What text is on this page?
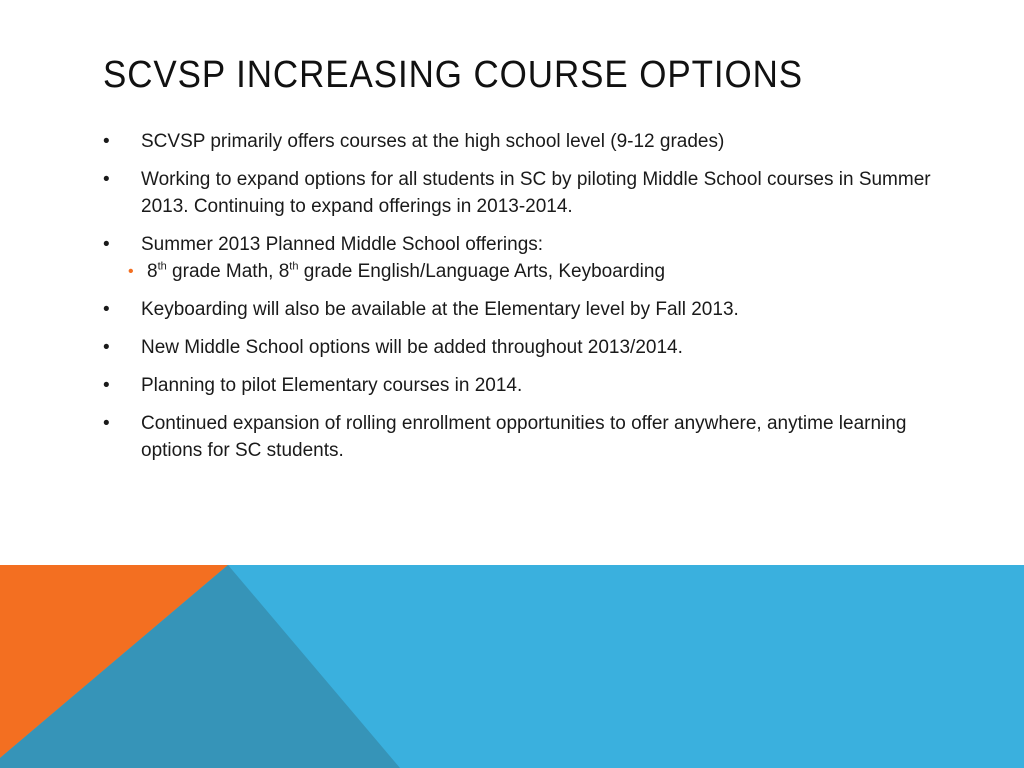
SCVSP INCREASING COURSE OPTIONS
•	SCVSP primarily offers courses at the high school level (9-12 grades)
•	Working to expand options for all students in SC by piloting Middle School courses in Summer 2013. Continuing to expand offerings in 2013-2014.
•	Summer 2013 Planned Middle School offerings:
• 8th grade Math, 8th grade English/Language Arts, Keyboarding
•	Keyboarding will also be available at the Elementary level by Fall 2013.
•	New Middle School options will be added throughout 2013/2014.
•	Planning to pilot Elementary courses in 2014.
•	Continued expansion of rolling enrollment opportunities to offer anywhere, anytime learning options for SC students.
